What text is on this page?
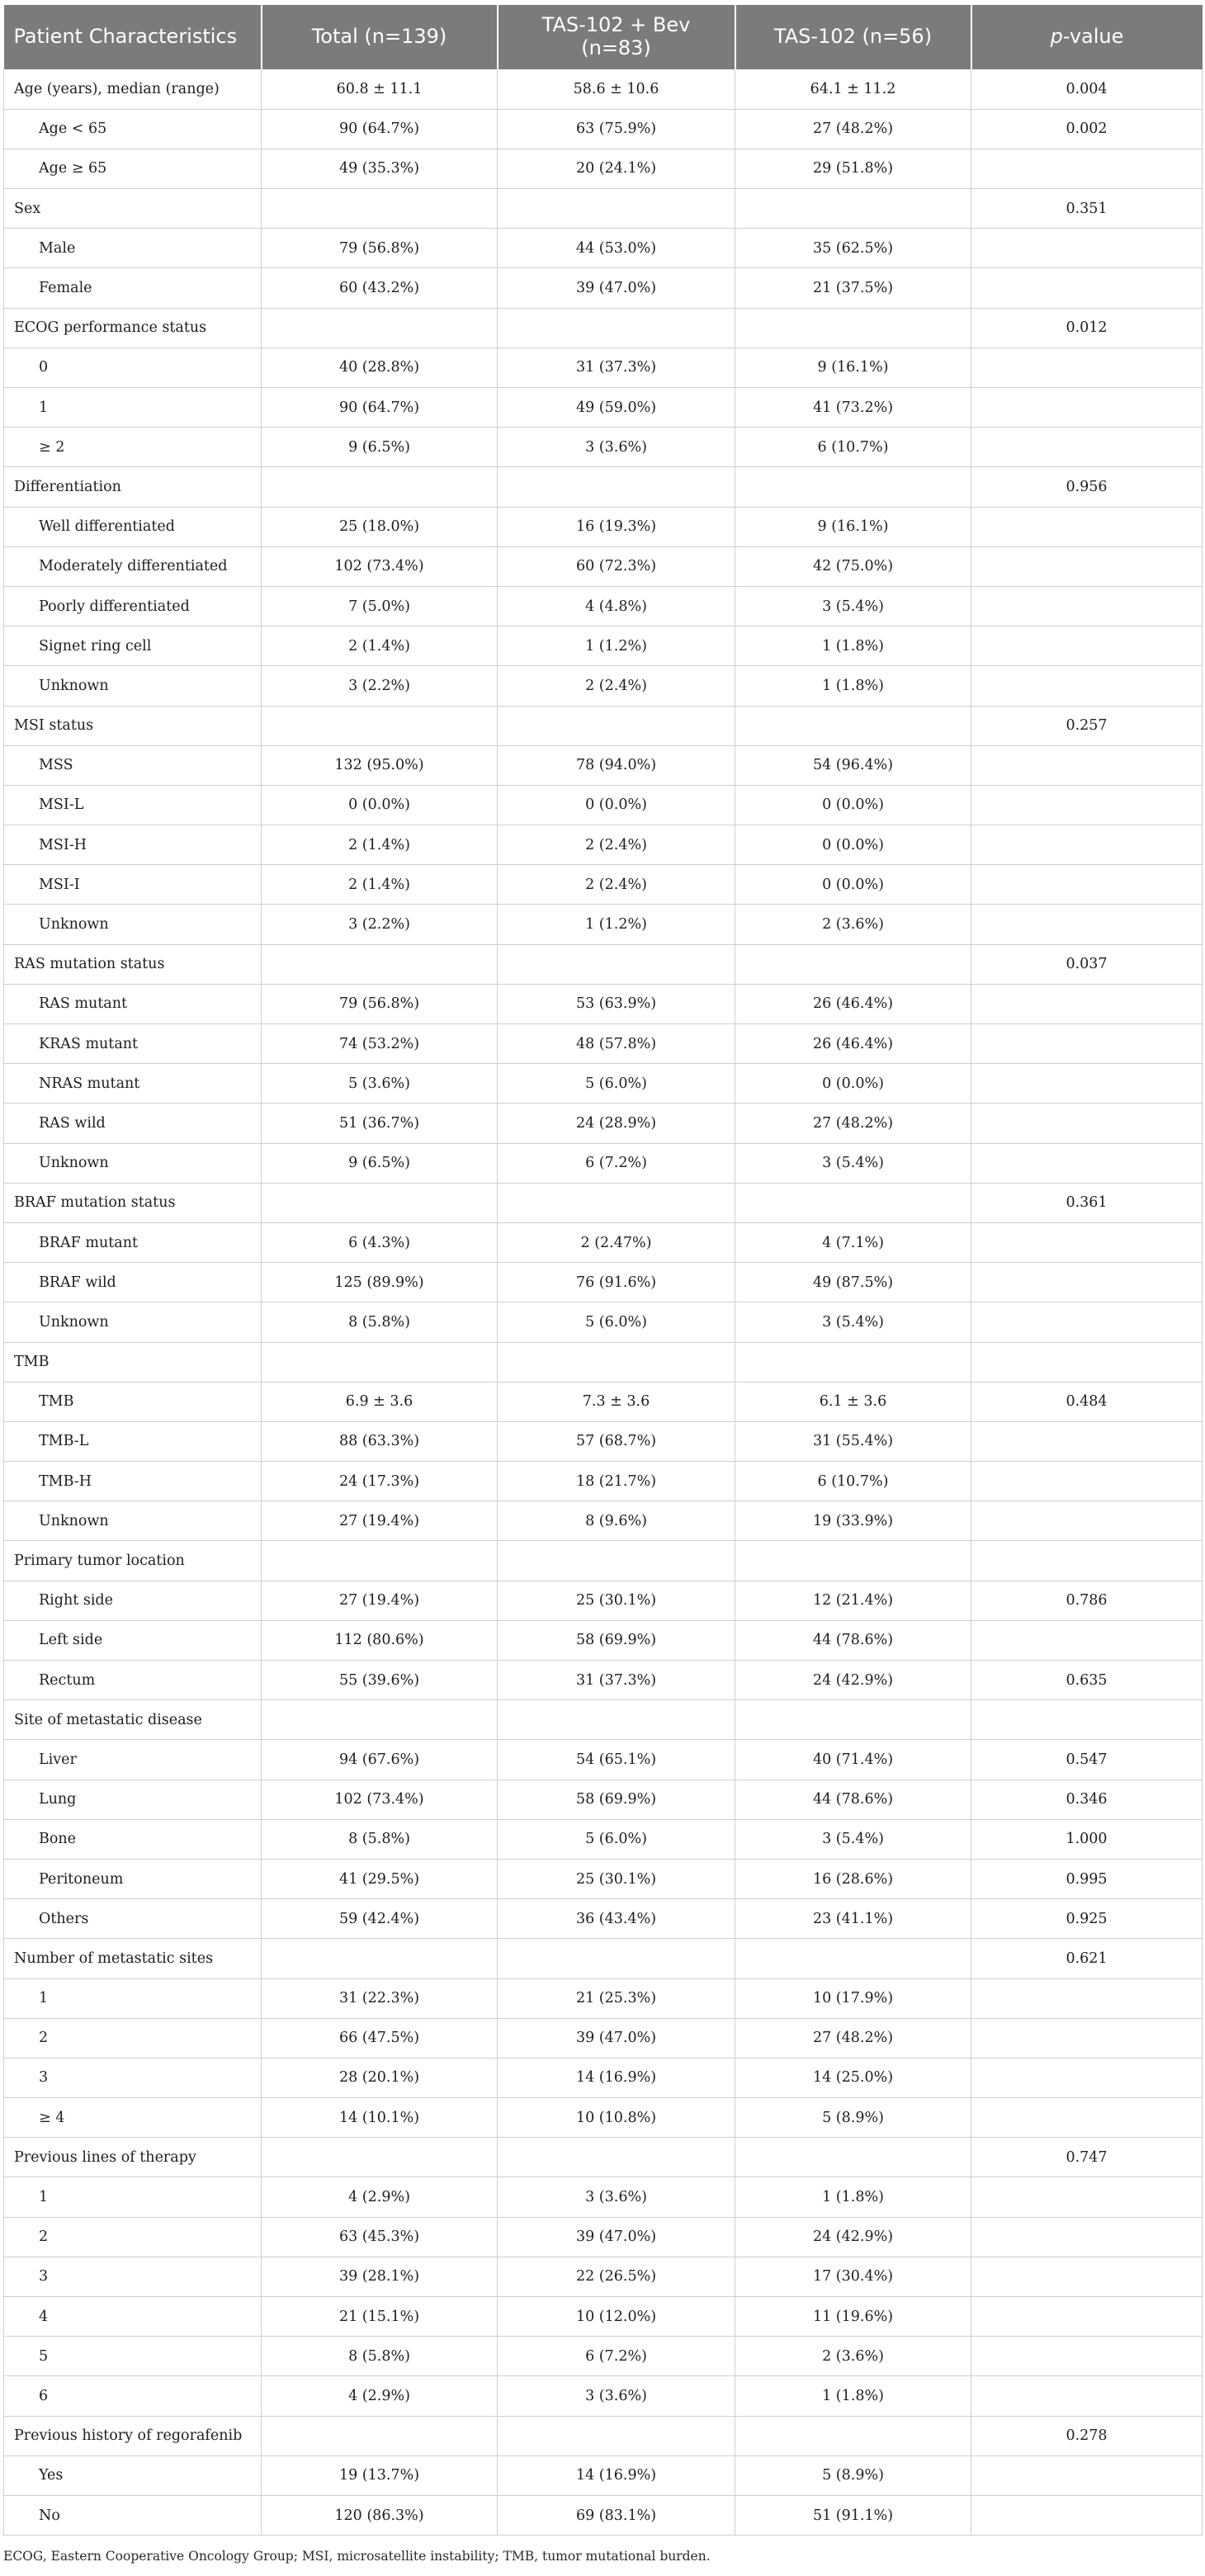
Patient Characteristics	Total (n=139)	TAS-102 + Bev (n=83)	TAS-102 (n=56)	p-value
Age (years), median (range)	60.8 ± 11.1	58.6 ± 10.6	64.1 ± 11.2	0.004
Age < 65	90 (64.7%)	63 (75.9%)	27 (48.2%)	0.002
Age ≥ 65	49 (35.3%)	20 (24.1%)	29 (51.8%)	
Sex				0.351
Male	79 (56.8%)	44 (53.0%)	35 (62.5%)	
Female	60 (43.2%)	39 (47.0%)	21 (37.5%)	
ECOG performance status				0.012
0	40 (28.8%)	31 (37.3%)	9 (16.1%)	
1	90 (64.7%)	49 (59.0%)	41 (73.2%)	
≥ 2	9 (6.5%)	3 (3.6%)	6 (10.7%)	
Differentiation				0.956
Well differentiated	25 (18.0%)	16 (19.3%)	9 (16.1%)	
Moderately differentiated	102 (73.4%)	60 (72.3%)	42 (75.0%)	
Poorly differentiated	7 (5.0%)	4 (4.8%)	3 (5.4%)	
Signet ring cell	2 (1.4%)	1 (1.2%)	1 (1.8%)	
Unknown	3 (2.2%)	2 (2.4%)	1 (1.8%)	
MSI status				0.257
MSS	132 (95.0%)	78 (94.0%)	54 (96.4%)	
MSI-L	0 (0.0%)	0 (0.0%)	0 (0.0%)	
MSI-H	2 (1.4%)	2 (2.4%)	0 (0.0%)	
MSI-I	2 (1.4%)	2 (2.4%)	0 (0.0%)	
Unknown	3 (2.2%)	1 (1.2%)	2 (3.6%)	
RAS mutation status				0.037
RAS mutant	79 (56.8%)	53 (63.9%)	26 (46.4%)	
KRAS mutant	74 (53.2%)	48 (57.8%)	26 (46.4%)	
NRAS mutant	5 (3.6%)	5 (6.0%)	0 (0.0%)	
RAS wild	51 (36.7%)	24 (28.9%)	27 (48.2%)	
Unknown	9 (6.5%)	6 (7.2%)	3 (5.4%)	
BRAF mutation status				0.361
BRAF mutant	6 (4.3%)	2 (2.47%)	4 (7.1%)	
BRAF wild	125 (89.9%)	76 (91.6%)	49 (87.5%)	
Unknown	8 (5.8%)	5 (6.0%)	3 (5.4%)	
TMB				
TMB	6.9 ± 3.6	7.3 ± 3.6	6.1 ± 3.6	0.484
TMB-L	88 (63.3%)	57 (68.7%)	31 (55.4%)	
TMB-H	24 (17.3%)	18 (21.7%)	6 (10.7%)	
Unknown	27 (19.4%)	8 (9.6%)	19 (33.9%)	
Primary tumor location				
Right side	27 (19.4%)	25 (30.1%)	12 (21.4%)	0.786
Left side	112 (80.6%)	58 (69.9%)	44 (78.6%)	
Rectum	55 (39.6%)	31 (37.3%)	24 (42.9%)	0.635
Site of metastatic disease				
Liver	94 (67.6%)	54 (65.1%)	40 (71.4%)	0.547
Lung	102 (73.4%)	58 (69.9%)	44 (78.6%)	0.346
Bone	8 (5.8%)	5 (6.0%)	3 (5.4%)	1.000
Peritoneum	41 (29.5%)	25 (30.1%)	16 (28.6%)	0.995
Others	59 (42.4%)	36 (43.4%)	23 (41.1%)	0.925
Number of metastatic sites				0.621
1	31 (22.3%)	21 (25.3%)	10 (17.9%)	
2	66 (47.5%)	39 (47.0%)	27 (48.2%)	
3	28 (20.1%)	14 (16.9%)	14 (25.0%)	
≥ 4	14 (10.1%)	10 (10.8%)	5 (8.9%)	
Previous lines of therapy				0.747
1	4 (2.9%)	3 (3.6%)	1 (1.8%)	
2	63 (45.3%)	39 (47.0%)	24 (42.9%)	
3	39 (28.1%)	22 (26.5%)	17 (30.4%)	
4	21 (15.1%)	10 (12.0%)	11 (19.6%)	
5	8 (5.8%)	6 (7.2%)	2 (3.6%)	
6	4 (2.9%)	3 (3.6%)	1 (1.8%)	
Previous history of regorafenib				0.278
Yes	19 (13.7%)	14 (16.9%)	5 (8.9%)	
No	120 (86.3%)	69 (83.1%)	51 (91.1%)	

ECOG, Eastern Cooperative Oncology Group; MSI, microsatellite instability; TMB, tumor mutational burden.
